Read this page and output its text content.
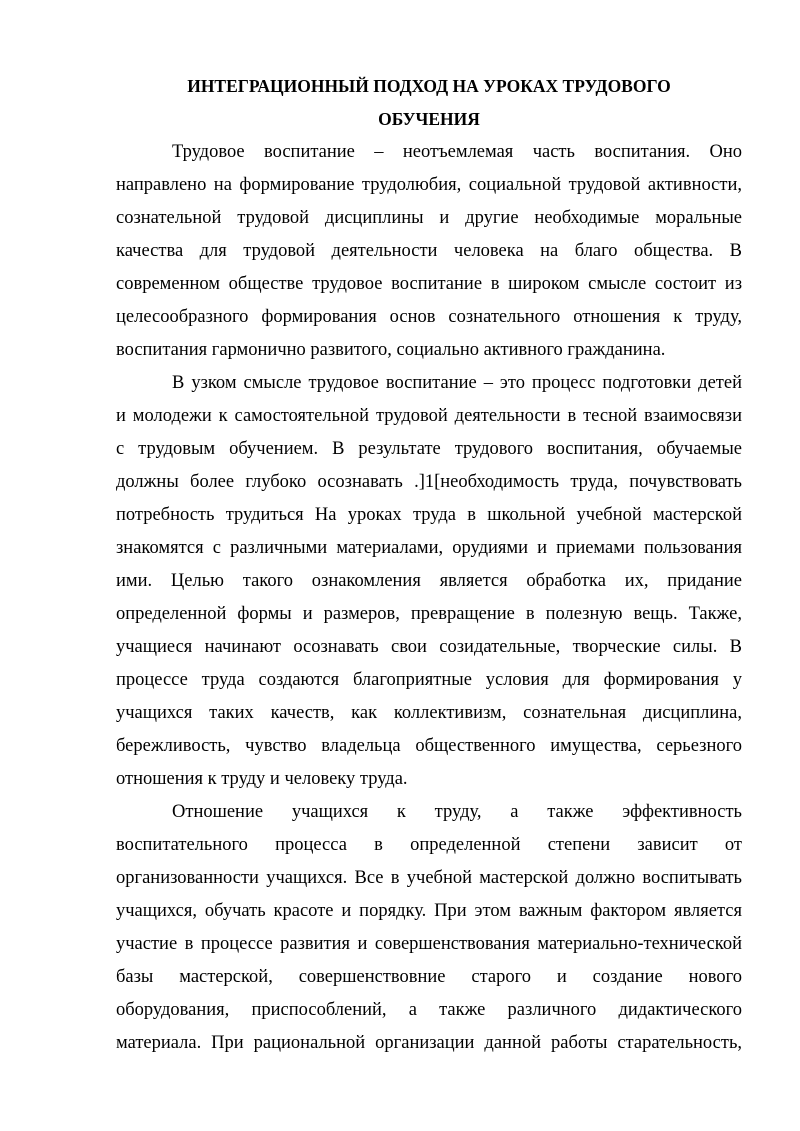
ИНТЕГРАЦИОННЫЙ ПОДХОД НА УРОКАХ ТРУДОВОГО
ОБУЧЕНИЯ
Трудовое воспитание – неотъемлемая часть воспитания. Оно
направлено на формирование трудолюбия, социальной трудовой активности,
сознательной трудовой дисциплины и другие необходимые моральные
качества для трудовой деятельности человека на благо общества. В
современном обществе трудовое воспитание в широком смысле состоит из
целесообразного формирования основ сознательного отношения к труду,
воспитания гармонично развитого, социально активного гражданина.
В узком смысле трудовое воспитание – это процесс подготовки детей
и молодежи к самостоятельной трудовой деятельности в тесной взаимосвязи
с трудовым обучением. В результате трудового воспитания, обучаемые
должны более глубоко осознавать .]1[необходимость труда, почувствовать
потребность трудиться На уроках труда в школьной учебной мастерской
знакомятся с различными материалами, орудиями и приемами пользования
ими. Целью такого ознакомления является обработка их, придание
определенной формы и размеров, превращение в полезную вещь. Также,
учащиеся начинают осознавать свои созидательные, творческие силы. В
процессе труда создаются благоприятные условия для формирования у
учащихся таких качеств, как коллективизм, сознательная дисциплина,
бережливость, чувство владельца общественного имущества, серьезного
отношения к труду и человеку труда.
Отношение учащихся к труду, а также эффективность
воспитательного процесса в определенной степени зависит от
организованности учащихся. Все в учебной мастерской должно воспитывать
учащихся, обучать красоте и порядку. При этом важным фактором является
участие в процессе развития и совершенствования материально-технической
базы мастерской, совершенствовние старого и создание нового
оборудования, приспособлений, а также различного дидактического
материала. При рациональной организации данной работы старательность,
